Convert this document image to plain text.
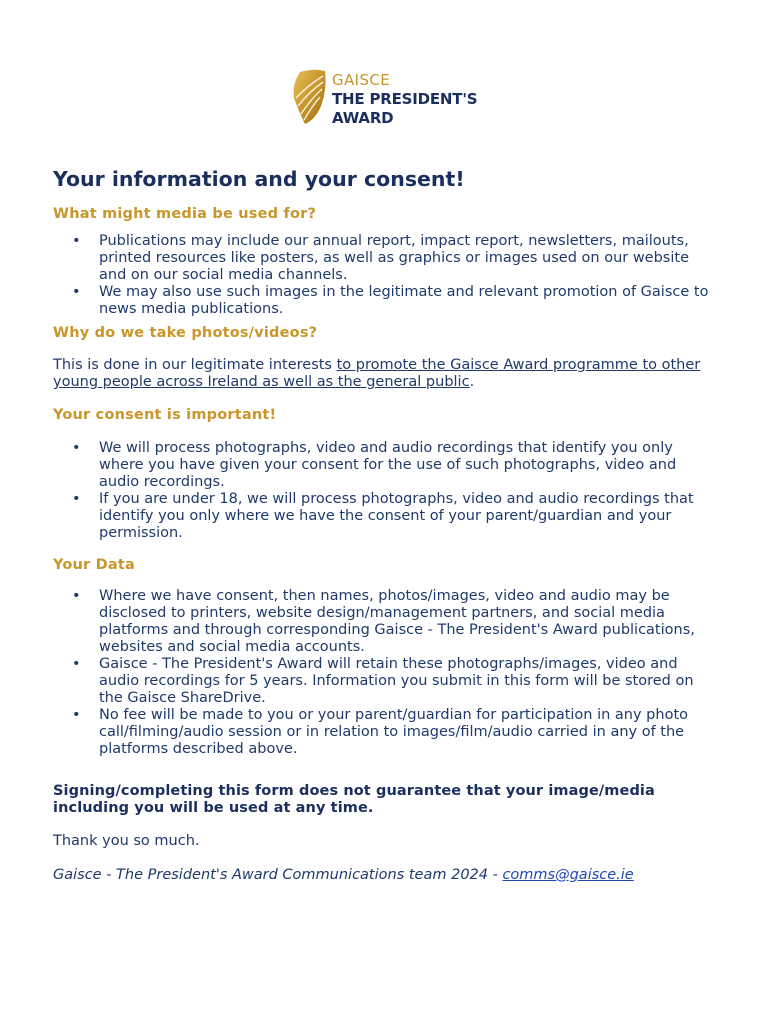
GAISCE
THE PRESIDENT'S
AWARD
Your information and your consent!
What might media be used for?
• Publications may include our annual report, impact report, newsletters, mailouts, printed resources like posters, as well as graphics or images used on our website and on our social media channels.
• We may also use such images in the legitimate and relevant promotion of Gaisce to news media publications.
Why do we take photos/videos?

This is done in our legitimate interests to promote the Gaisce Award programme to other young people across Ireland as well as the general public.

Your consent is important!
• We will process photographs, video and audio recordings that identify you only where you have given your consent for the use of such photographs, video and audio recordings.
• If you are under 18, we will process photographs, video and audio recordings that identify you only where we have the consent of your parent/guardian and your permission.
Your Data
• Where we have consent, then names, photos/images, video and audio may be disclosed to printers, website design/management partners, and social media platforms and through corresponding Gaisce - The President's Award publications, websites and social media accounts.
• Gaisce - The President's Award will retain these photographs/images, video and audio recordings for 5 years. Information you submit in this form will be stored on the Gaisce ShareDrive.
• No fee will be made to you or your parent/guardian for participation in any photo call/filming/audio session or in relation to images/film/audio carried in any of the platforms described above.

Signing/completing this form does not guarantee that your image/media including you will be used at any time.

Thank you so much.

Gaisce - The President's Award Communications team 2024 - comms@gaisce.ie
